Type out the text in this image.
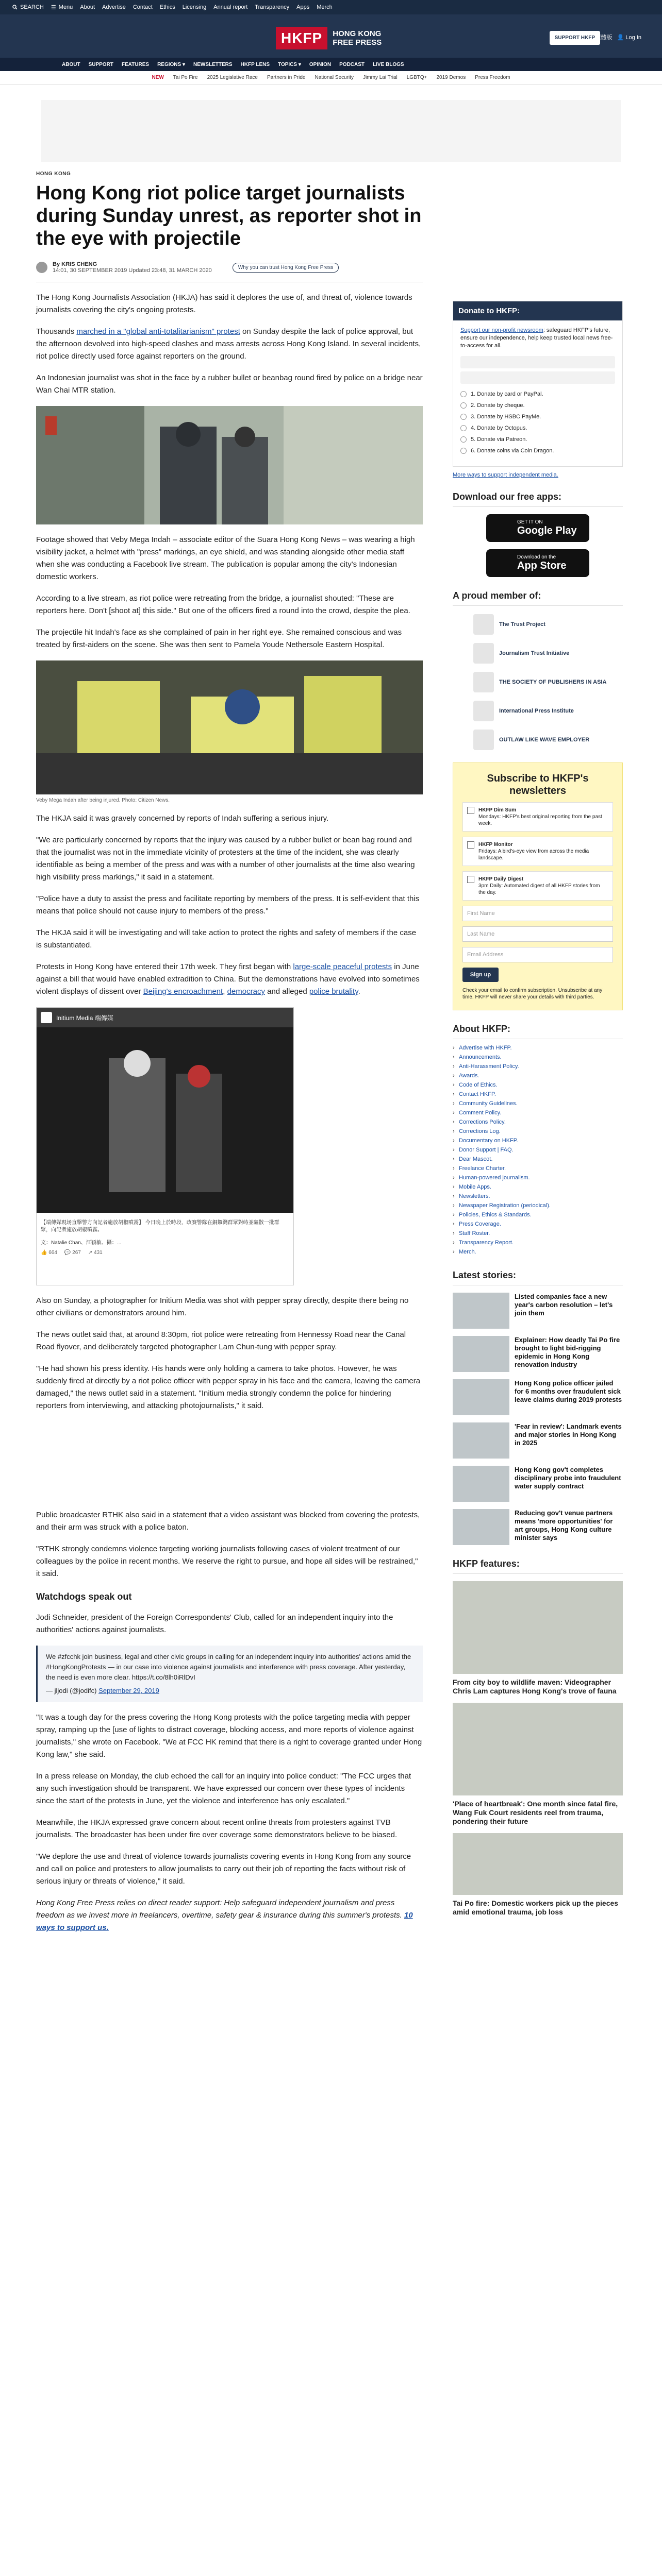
SEARCH ☰ Menu About Advertise Contact Ethics Licensing Annual report Transparency Apps Merch
HKFP	HONG KONG
FREE PRESS
SUPPORT HKFP 繁體版 👤 Log In
ABOUT SUPPORT FEATURES REGIONS ▾ NEWSLETTERS HKFP LENS TOPICS ▾ OPINION PODCAST LIVE BLOGS
NEW Tai Po Fire 2025 Legislative Race Partners in Pride National Security Jimmy Lai Trial LGBTQ+ 2019 Demos Press Freedom
HONG KONG
Hong Kong riot police target journalists during Sunday unrest, as reporter shot in the eye with projectile
By KRIS CHENG
14:01, 30 SEPTEMBER 2019 Updated 23:48, 31 MARCH 2020	Why you can trust Hong Kong Free Press

The Hong Kong Journalists Association (HKJA) has said it deplores the use of, and threat of, violence towards journalists covering the city's ongoing protests.

Thousands marched in a "global anti-totalitarianism" protest on Sunday despite the lack of police approval, but the afternoon devolved into high-speed clashes and mass arrests across Hong Kong Island. In several incidents, riot police directly used force against reporters on the ground.

An Indonesian journalist was shot in the face by a rubber bullet or beanbag round fired by police on a bridge near Wan Chai MTR station.

Footage showed that Veby Mega Indah – associate editor of the Suara Hong Kong News – was wearing a high visibility jacket, a helmet with "press" markings, an eye shield, and was standing alongside other media staff when she was conducting a Facebook live stream. The publication is popular among the city's Indonesian domestic workers.

According to a live stream, as riot police were retreating from the bridge, a journalist shouted: "These are reporters here. Don't [shoot at] this side." But one of the officers fired a round into the crowd, despite the plea.

The projectile hit Indah's face as she complained of pain in her right eye. She remained conscious and was treated by first-aiders on the scene. She was then sent to Pamela Youde Nethersole Eastern Hospital.

Veby Mega Indah after being injured. Photo: Citizen News.

The HKJA said it was gravely concerned by reports of Indah suffering a serious injury.

"We are particularly concerned by reports that the injury was caused by a rubber bullet or bean bag round and that the journalist was not in the immediate vicinity of protesters at the time of the incident, she was clearly identifiable as being a member of the press and was with a number of other journalists at the time also wearing high visibility press markings," it said in a statement.

"Police have a duty to assist the press and facilitate reporting by members of the press. It is self-evident that this means that police should not cause injury to members of the press."

The HKJA said it will be investigating and will take action to protect the rights and safety of members if the case is substantiated.

Protests in Hong Kong have entered their 17th week. They first began with large-scale peaceful protests in June against a bill that would have enabled extradition to China. But the demonstrations have evolved into sometimes violent displays of dissent over Beijing's encroachment, democracy and alleged police brutality.

Initium Media 端傳媒
【端傳媒現场直擊警方向記者施放胡椒噴霧】 今日晚上於時段，政賽警隊在銅鑼灣群眾對峙並驅散一批群眾，向記者施放胡椒噴霧。
文：Natalie Chan、江穎敏、攝：...
👍 664 💬 267 ↗ 431

Also on Sunday, a photographer for Initium Media was shot with pepper spray directly, despite there being no other civilians or demonstrators around him.

The news outlet said that, at around 8:30pm, riot police were retreating from Hennessy Road near the Canal Road flyover, and deliberately targeted photographer Lam Chun-tung with pepper spray.

"He had shown his press identity. His hands were only holding a camera to take photos. However, he was suddenly fired at directly by a riot police officer with pepper spray in his face and the camera, leaving the camera damaged," the news outlet said in a statement. "Initium media strongly condemn the police for hindering reporters from interviewing, and attacking photojournalists," it said.

Public broadcaster RTHK also said in a statement that a video assistant was blocked from covering the protests, and their arm was struck with a police baton.

"RTHK strongly condemns violence targeting working journalists following cases of violent treatment of our colleagues by the police in recent months. We reserve the right to pursue, and hope all sides will be restrained," it said.

Watchdogs speak out

Jodi Schneider, president of the Foreign Correspondents' Club, called for an independent inquiry into the authorities' actions against journalists.

We #zfcchk join business, legal and other civic groups in calling for an independent inquiry into authorities' actions amid the #HongKongProtests — in our case into violence against journalists and interference with press coverage. After yesterday, the need is even more clear. https://t.co/8lh0iRlDvI
— jljodi (@jodifc) September 29, 2019

"It was a tough day for the press covering the Hong Kong protests with the police targeting media with pepper spray, ramping up the [use of lights to distract coverage, blocking access, and more reports of violence against journalists," she wrote on Facebook. "We at FCC HK remind that there is a right to coverage granted under Hong Kong law," she said.

In a press release on Monday, the club echoed the call for an inquiry into police conduct: "The FCC urges that any such investigation should be transparent. We have expressed our concern over these types of incidents since the start of the protests in June, yet the violence and interference has only escalated."

Meanwhile, the HKJA expressed grave concern about recent online threats from protesters against TVB journalists. The broadcaster has been under fire over coverage some demonstrators believe to be biased.

"We deplore the use and threat of violence towards journalists covering events in Hong Kong from any source and call on police and protesters to allow journalists to carry out their job of reporting the facts without risk of serious injury or threats of violence," it said.

Hong Kong Free Press relies on direct reader support: Help safeguard independent journalism and press freedom as we invest more in freelancers, overtime, safety gear & insurance during this summer's protests. 10 ways to support us.

Donate to HKFP:
Support our non-profit newsroom: safeguard HKFP's future, ensure our independence, help keep trusted local news free-to-access for all.
1. Donate by card or PayPal.
2. Donate by cheque.
3. Donate by HSBC PayMe.
4. Donate by Octopus.
5. Donate via Patreon.
6. Donate coins via Coin Dragon.
More ways to support independent media.
Download our free apps:
GET IT ON
Google Play
Download on the
App Store
A proud member of:
The Trust Project
Journalism Trust Initiative
THE SOCIETY OF PUBLISHERS IN ASIA
International Press Institute
OUTLAW LIKE WAVE EMPLOYER
Subscribe to HKFP's newsletters
HKFP Dim Sum
Mondays: HKFP's best original reporting from the past week.
HKFP Monitor
Fridays: A bird's-eye view from across the media landscape.
HKFP Daily Digest
3pm Daily: Automated digest of all HKFP stories from the day.
First Name
Last Name
Email Address
Sign up
Check your email to confirm subscription. Unsubscribe at any time. HKFP will never share your details with third parties.
About HKFP:
› Advertise with HKFP.
› Announcements.
› Anti-Harassment Policy.
› Awards.
› Code of Ethics.
› Contact HKFP.
› Community Guidelines.
› Comment Policy.
› Corrections Policy.
› Corrections Log.
› Documentary on HKFP.
› Donor Support | FAQ.
› Dear Mascot.
› Freelance Charter.
› Human-powered journalism.
› Mobile Apps.
› Newsletters.
› Newspaper Registration (periodical).
› Policies, Ethics & Standards.
› Press Coverage.
› Staff Roster.
› Transparency Report.
› Merch.
Latest stories:
Listed companies face a new year's carbon resolution – let's join them
Explainer: How deadly Tai Po fire brought to light bid-rigging epidemic in Hong Kong renovation industry
Hong Kong police officer jailed for 6 months over fraudulent sick leave claims during 2019 protests
'Fear in review': Landmark events and major stories in Hong Kong in 2025
Hong Kong gov't completes disciplinary probe into fraudulent water supply contract
Reducing gov't venue partners means 'more opportunities' for art groups, Hong Kong culture minister says
HKFP features:
From city boy to wildlife maven: Videographer Chris Lam captures Hong Kong's trove of fauna
'Place of heartbreak': One month since fatal fire, Wang Fuk Court residents reel from trauma, pondering their future
Tai Po fire: Domestic workers pick up the pieces amid emotional trauma, job loss
